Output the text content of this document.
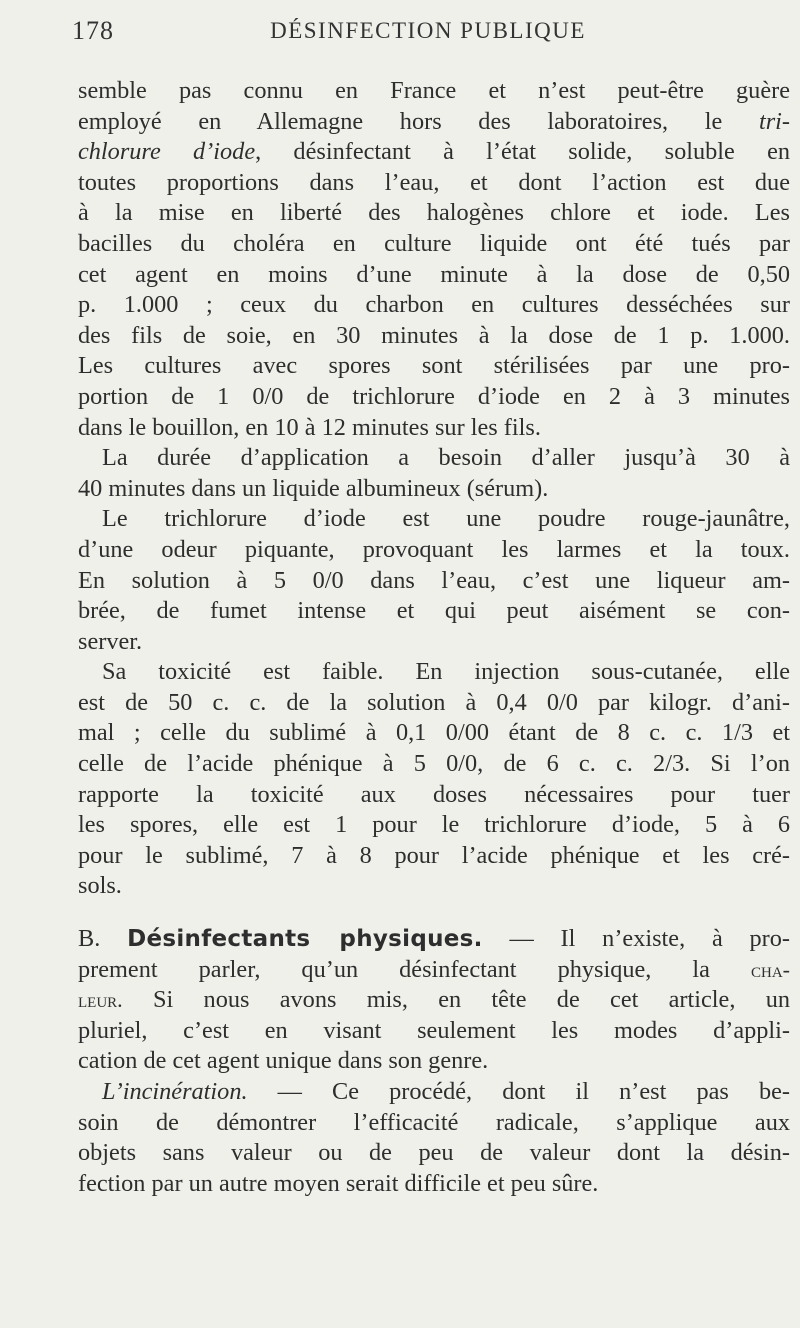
178	DÉSINFECTION PUBLIQUE
semble pas connu en France et n’est peut-être guère
employé en Allemagne hors des laboratoires, le tri-
chlorure d’iode, désinfectant à l’état solide, soluble en
toutes proportions dans l’eau, et dont l’action est due
à la mise en liberté des halogènes chlore et iode. Les
bacilles du choléra en culture liquide ont été tués par
cet agent en moins d’une minute à la dose de 0,50
p. 1.000 ; ceux du charbon en cultures desséchées sur
des fils de soie, en 30 minutes à la dose de 1 p. 1.000.
Les cultures avec spores sont stérilisées par une pro-
portion de 1 0/0 de trichlorure d’iode en 2 à 3 minutes
dans le bouillon, en 10 à 12 minutes sur les fils.
La durée d’application a besoin d’aller jusqu’à 30 à
40 minutes dans un liquide albumineux (sérum).
Le trichlorure d’iode est une poudre rouge-jaunâtre,
d’une odeur piquante, provoquant les larmes et la toux.
En solution à 5 0/0 dans l’eau, c’est une liqueur am-
brée, de fumet intense et qui peut aisément se con-
server.
Sa toxicité est faible. En injection sous-cutanée, elle
est de 50 c. c. de la solution à 0,4 0/0 par kilogr. d’ani-
mal ; celle du sublimé à 0,1 0/00 étant de 8 c. c. 1/3 et
celle de l’acide phénique à 5 0/0, de 6 c. c. 2/3. Si l’on
rapporte la toxicité aux doses nécessaires pour tuer
les spores, elle est 1 pour le trichlorure d’iode, 5 à 6
pour le sublimé, 7 à 8 pour l’acide phénique et les cré-
sols.
B. Désinfectants physiques. — Il n’existe, à pro-
prement parler, qu’un désinfectant physique, la cha-
leur. Si nous avons mis, en tête de cet article, un
pluriel, c’est en visant seulement les modes d’appli-
cation de cet agent unique dans son genre.
L’incinération. — Ce procédé, dont il n’est pas be-
soin de démontrer l’efficacité radicale, s’applique aux
objets sans valeur ou de peu de valeur dont la désin-
fection par un autre moyen serait difficile et peu sûre.
